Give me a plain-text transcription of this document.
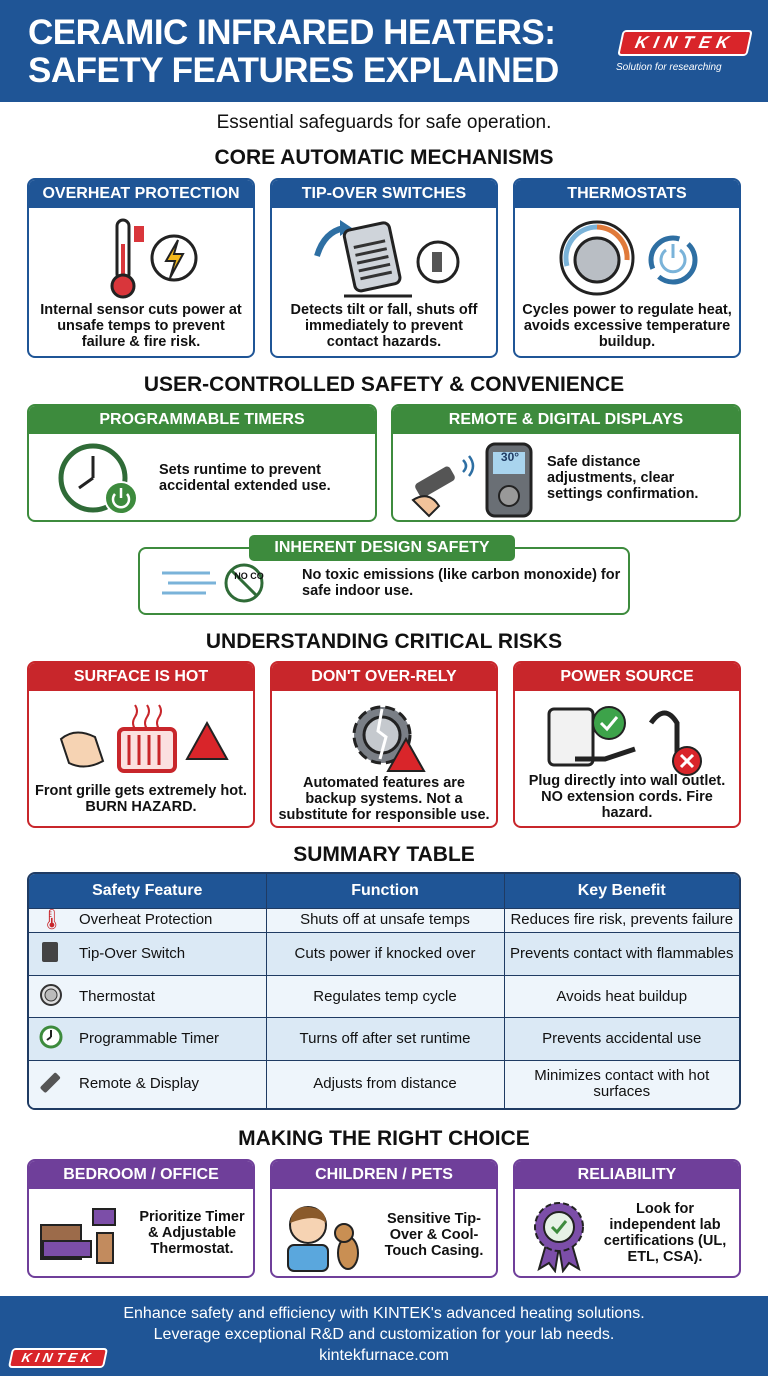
CERAMIC INFRARED HEATERS:
SAFETY FEATURES EXPLAINED
KINTEK
Solution for researching
Essential safeguards for safe operation.
CORE AUTOMATIC MECHANISMS
OVERHEAT PROTECTION
Internal sensor cuts power at unsafe temps to prevent failure & fire risk.
TIP-OVER SWITCHES
Detects tilt or fall, shuts off immediately to prevent contact hazards.
THERMOSTATS
Cycles power to regulate heat, avoids excessive temperature buildup.
USER-CONTROLLED SAFETY & CONVENIENCE
PROGRAMMABLE TIMERS
Sets runtime to prevent accidental extended use.
REMOTE & DIGITAL DISPLAYS
30°	Safe distance adjustments, clear settings confirmation.
NO CO	No toxic emissions (like carbon monoxide) for safe indoor use.
INHERENT DESIGN SAFETY
UNDERSTANDING CRITICAL RISKS
SURFACE IS HOT
Front grille gets extremely hot. BURN HAZARD.
DON'T OVER-RELY
Automated features are backup systems. Not a substitute for responsible use.
POWER SOURCE
Plug directly into wall outlet. NO extension cords. Fire hazard.
SUMMARY TABLE
Safety Feature	Function	Key Benefit
🌡︎ Overheat Protection	Shuts off at unsafe temps	Reduces fire risk, prevents failure
Tip-Over Switch	Cuts power if knocked over	Prevents contact with flammables
Thermostat	Regulates temp cycle	Avoids heat buildup
Programmable Timer	Turns off after set runtime	Prevents accidental use
Remote & Display	Adjusts from distance	Minimizes contact with hot surfaces
MAKING THE RIGHT CHOICE
BEDROOM / OFFICE
Prioritize Timer & Adjustable Thermostat.
CHILDREN / PETS
Sensitive Tip-Over & Cool-Touch Casing.
RELIABILITY
Look for independent lab certifications (UL, ETL, CSA).
Enhance safety and efficiency with KINTEK's advanced heating solutions.
Leverage exceptional R&D and customization for your lab needs.
kintekfurnace.com
KINTEK
